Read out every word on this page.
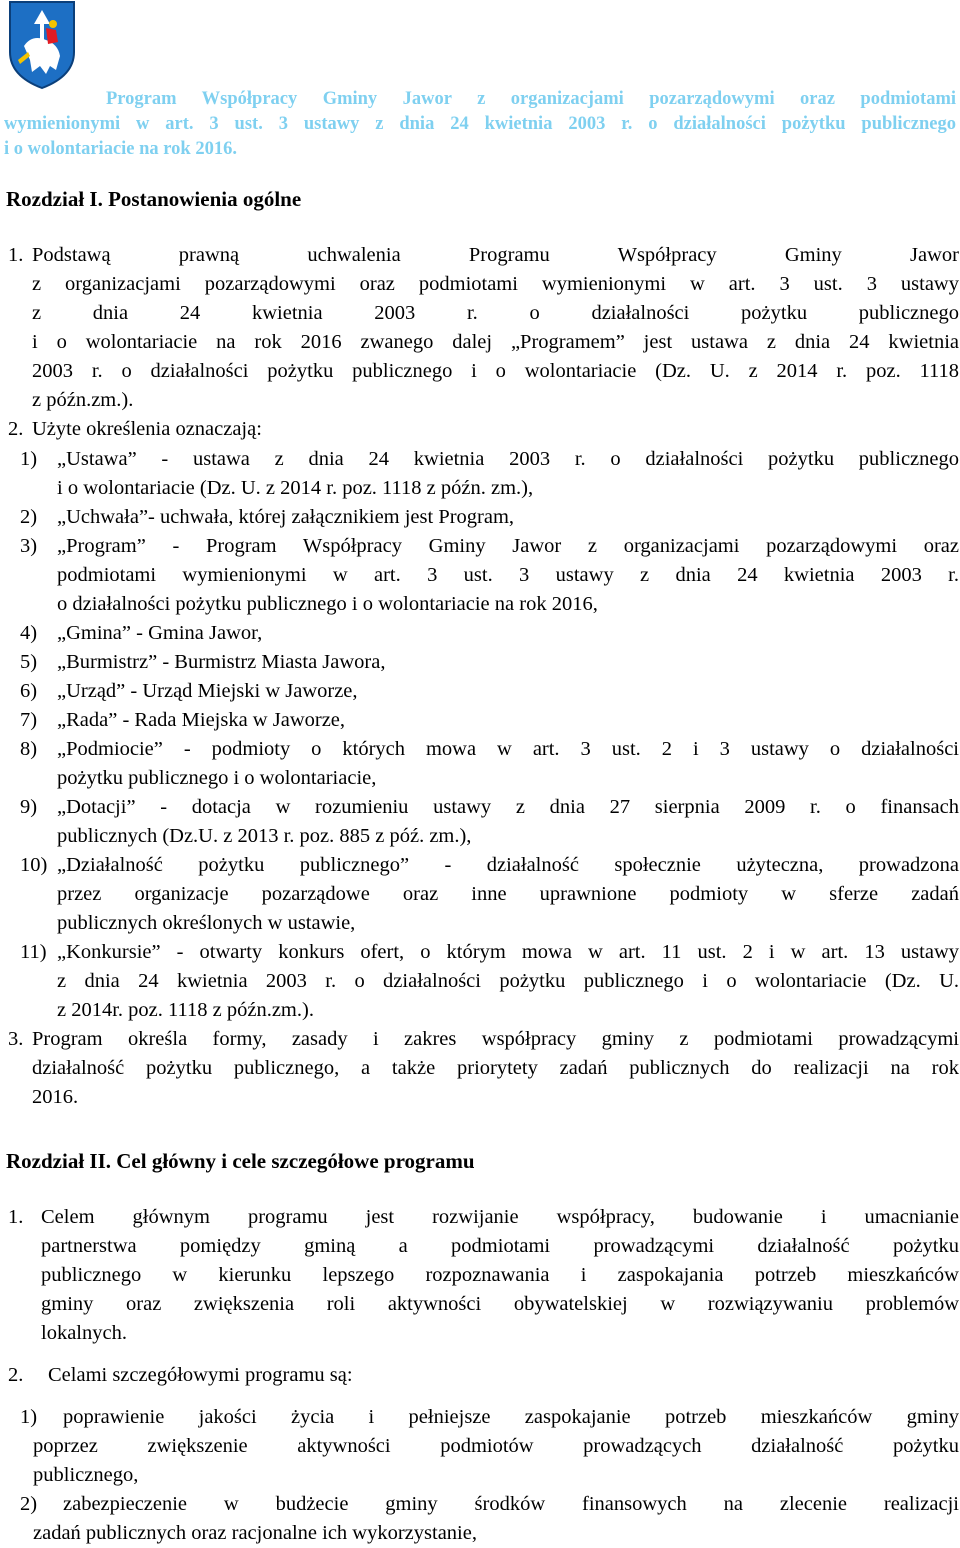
Program Współpracy Gminy Jawor z organizacjami pozarządowymi oraz podmiotami
wymienionymi w art. 3 ust. 3 ustawy z dnia 24 kwietnia 2003 r. o działalności pożytku publicznego
i o wolontariacie na rok 2016.
Rozdział I. Postanowienia ogólne
1. Podstawą prawną uchwalenia Programu Współpracy Gminy Jawor
z organizacjami pozarządowymi oraz podmiotami wymienionymi w art. 3 ust. 3 ustawy
z dnia 24 kwietnia 2003 r. o działalności pożytku publicznego
i o wolontariacie na rok 2016 zwanego dalej „Programem” jest ustawa z dnia 24 kwietnia
2003 r. o działalności pożytku publicznego i o wolontariacie (Dz. U. z 2014 r. poz. 1118
z późn.zm.).
2. Użyte określenia oznaczają:
1) „Ustawa” - ustawa z dnia 24 kwietnia 2003 r. o działalności pożytku publicznego
i o wolontariacie (Dz. U. z 2014 r. poz. 1118 z późn. zm.),
2) „Uchwała”- uchwała, której załącznikiem jest Program,
3) „Program” - Program Współpracy Gminy Jawor z organizacjami pozarządowymi oraz
podmiotami wymienionymi w art. 3 ust. 3 ustawy z dnia 24 kwietnia 2003 r.
o działalności pożytku publicznego i o wolontariacie na rok 2016,
4) „Gmina” - Gmina Jawor,
5) „Burmistrz” - Burmistrz Miasta Jawora,
6) „Urząd” - Urząd Miejski w Jaworze,
7) „Rada” - Rada Miejska w Jaworze,
8) „Podmiocie” - podmioty o których mowa w art. 3 ust. 2 i 3 ustawy o działalności
pożytku publicznego i o wolontariacie,
9) „Dotacji” - dotacja w rozumieniu ustawy z dnia 27 sierpnia 2009 r. o finansach
publicznych (Dz.U. z 2013 r. poz. 885 z póź. zm.),
10) „Działalność pożytku publicznego” - działalność społecznie użyteczna, prowadzona
przez organizacje pozarządowe oraz inne uprawnione podmioty w sferze zadań
publicznych określonych w ustawie,
11) „Konkursie” - otwarty konkurs ofert, o którym mowa w art. 11 ust. 2 i w art. 13 ustawy
z dnia 24 kwietnia 2003 r. o działalności pożytku publicznego i o wolontariacie (Dz. U.
z 2014r. poz. 1118 z późn.zm.).
3. Program określa formy, zasady i zakres współpracy gminy z podmiotami prowadzącymi
działalność pożytku publicznego, a także priorytety zadań publicznych do realizacji na rok
2016.
Rozdział II. Cel główny i cele szczegółowe programu
1. Celem głównym programu jest rozwijanie współpracy, budowanie i umacnianie
partnerstwa pomiędzy gminą a podmiotami prowadzącymi działalność pożytku
publicznego w kierunku lepszego rozpoznawania i zaspokajania potrzeb mieszkańców
gminy oraz zwiększenia roli aktywności obywatelskiej w rozwiązywaniu problemów
lokalnych.
2. Celami szczegółowymi programu są:
1)	poprawienie jakości życia i pełniejsze zaspokajanie potrzeb mieszkańców gminy
poprzez zwiększenie aktywności podmiotów prowadzących działalność pożytku
publicznego,
2)	zabezpieczenie w budżecie gminy środków finansowych na zlecenie realizacji
zadań publicznych oraz racjonalne ich wykorzystanie,
